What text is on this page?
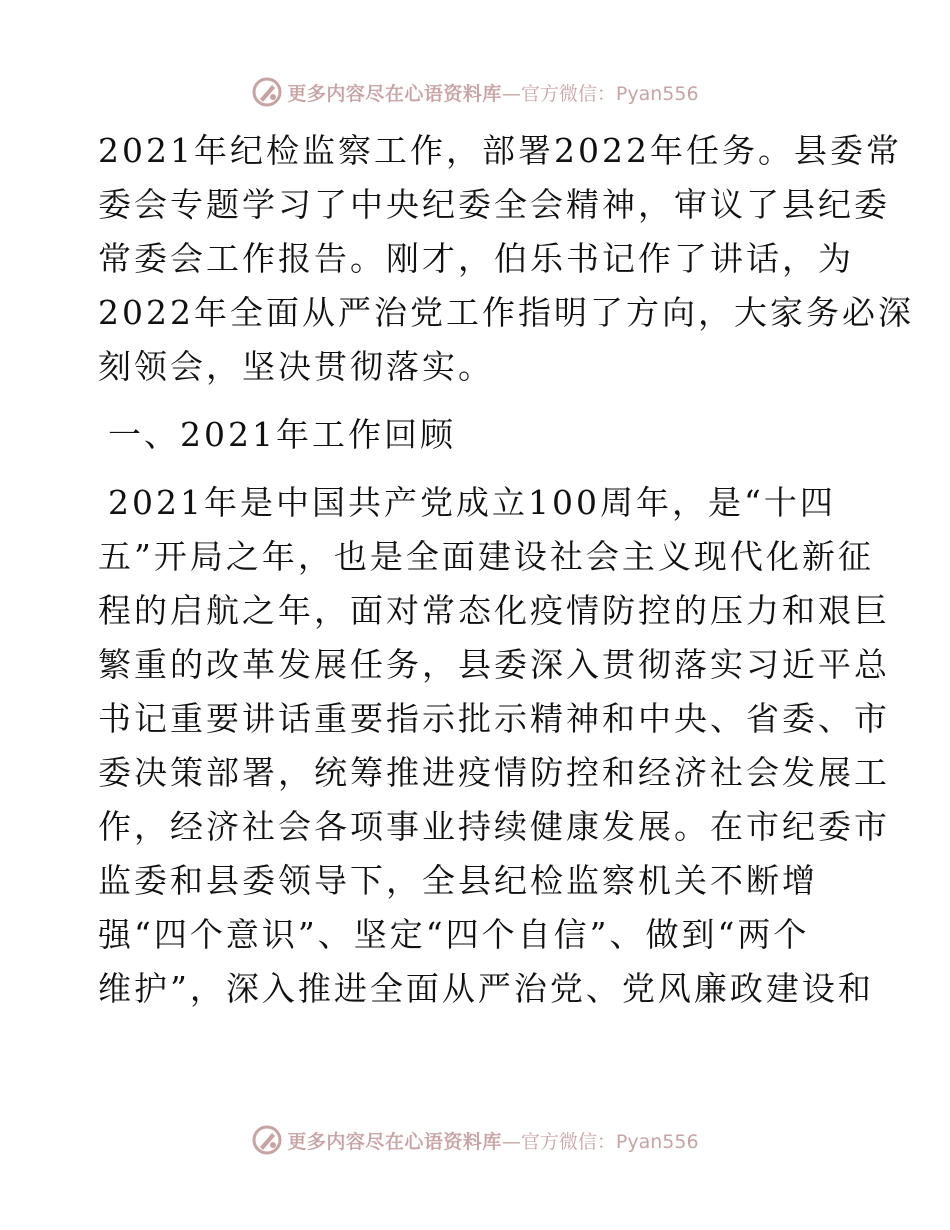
更多内容尽在心语资料库 —官方微信：Pyan556
2021年纪检监察工作，部署2022年任务。县委常
委会专题学习了中央纪委全会精神，审议了县纪委
常委会工作报告。刚才，伯乐书记作了讲话，为
2022年全面从严治党工作指明了方向，大家务必深
刻领会，坚决贯彻落实。
一、2021年工作回顾
2021年是中国共产党成立100周年，是“十四
五”开局之年，也是全面建设社会主义现代化新征
程的启航之年，面对常态化疫情防控的压力和艰巨
繁重的改革发展任务，县委深入贯彻落实习近平总
书记重要讲话重要指示批示精神和中央、省委、市
委决策部署，统筹推进疫情防控和经济社会发展工
作，经济社会各项事业持续健康发展。在市纪委市
监委和县委领导下，全县纪检监察机关不断增
强“四个意识”、坚定“四个自信”、做到“两个
维护”，深入推进全面从严治党、党风廉政建设和
更多内容尽在心语资料库 —官方微信：Pyan556
